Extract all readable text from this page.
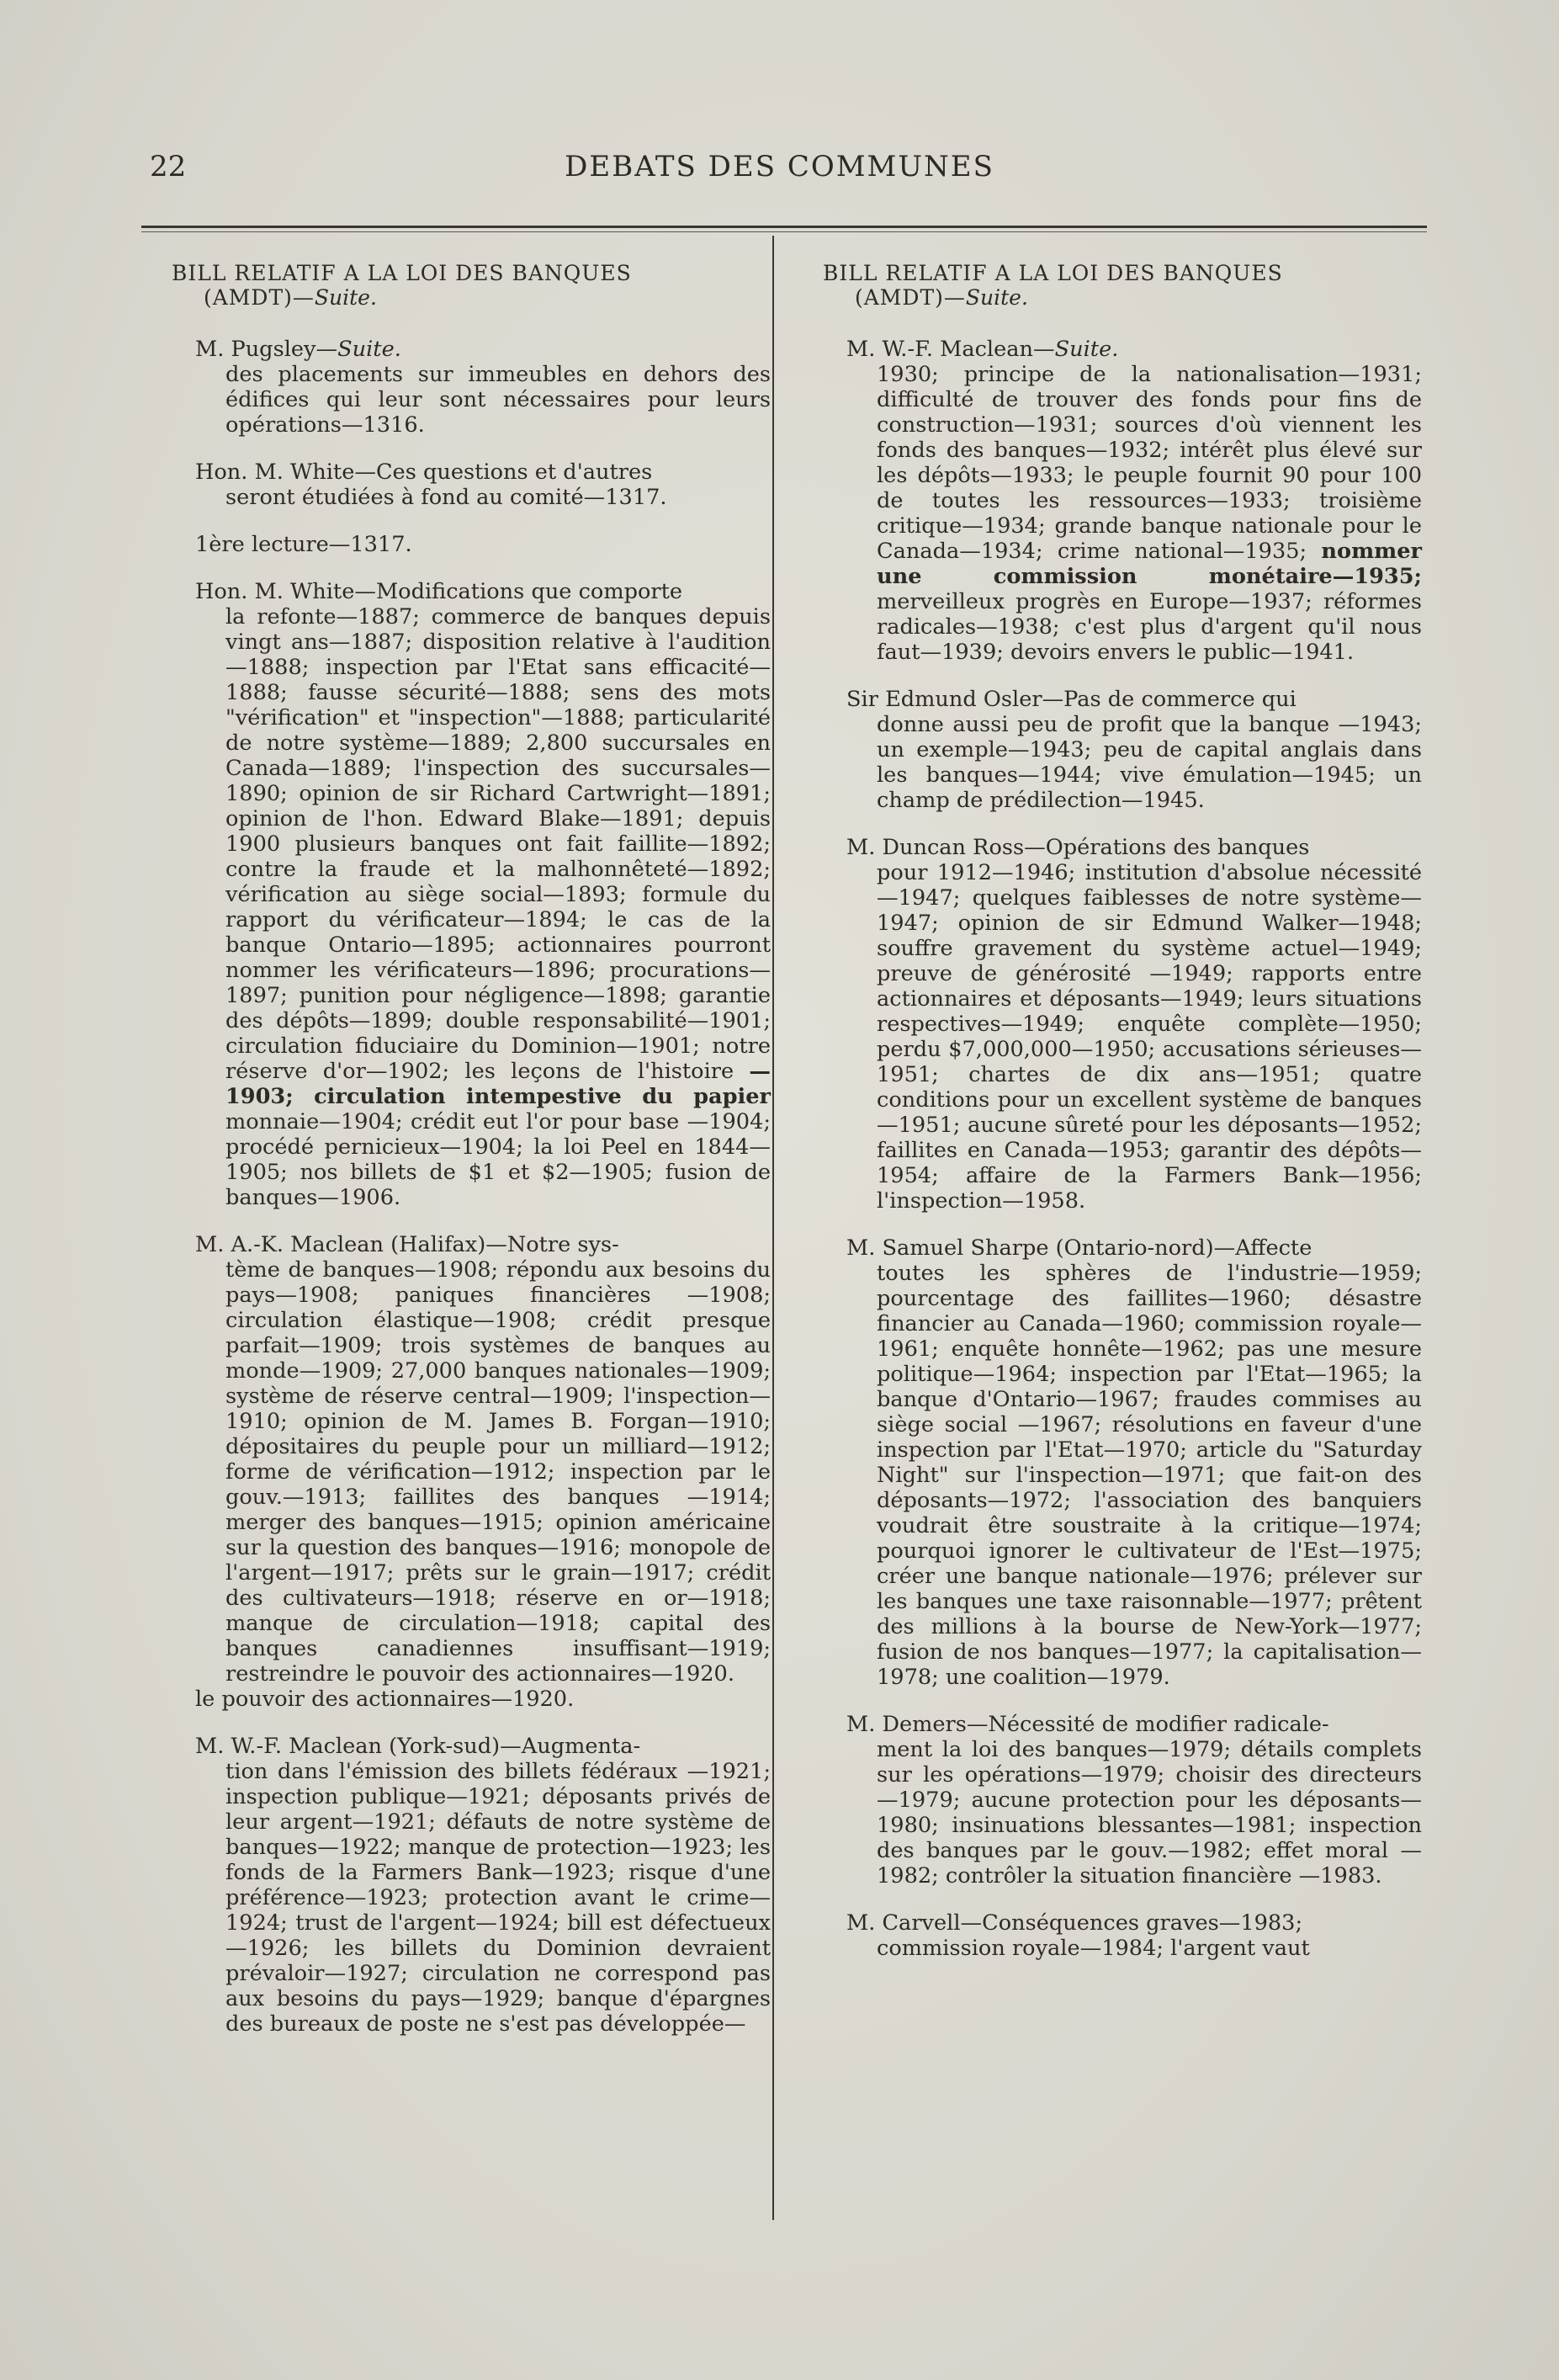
22	DEBATS DES COMMUNES
BILL RELATIF A LA LOI DES BANQUES
(AMDT)—Suite.
M. Pugsley—Suite.
des placements sur immeubles en dehors des édifices qui leur sont nécessaires pour leurs opérations—1316.
Hon. M. White—Ces questions et d'autres
seront étudiées à fond au comité—1317.
1ère lecture—1317.
Hon. M. White—Modifications que comporte
la refonte—1887; commerce de banques depuis vingt ans—1887; disposition relative à l'audition—1888; inspection par l'Etat sans efficacité—1888; fausse sécurité—1888; sens des mots "vérification" et "inspection"—1888; particularité de notre système—1889; 2,800 succursales en Canada—1889; l'inspection des succursales—1890; opinion de sir Richard Cartwright—1891; opinion de l'hon. Edward Blake—1891; depuis 1900 plusieurs banques ont fait faillite—1892; contre la fraude et la malhonnêteté—1892; vérification au siège social—1893; formule du rapport du vérificateur—1894; le cas de la banque Ontario—1895; actionnaires pourront nommer les vérificateurs—1896; procurations—1897; punition pour négligence—1898; garantie des dépôts—1899; double responsabilité—1901; circulation fiduciaire du Dominion—1901; notre réserve d'or—1902; les leçons de l'histoire —1903; circulation intempestive du papier monnaie—1904; crédit eut l'or pour base —1904; procédé pernicieux—1904; la loi Peel en 1844—1905; nos billets de $1 et $2—1905; fusion de banques—1906.
M. A.-K. Maclean (Halifax)—Notre sys-
tème de banques—1908; répondu aux besoins du pays—1908; paniques financières —1908; circulation élastique—1908; crédit presque parfait—1909; trois systèmes de banques au monde—1909; 27,000 banques nationales—1909; système de réserve central—1909; l'inspection—1910; opinion de M. James B. Forgan—1910; dépositaires du peuple pour un milliard—1912; forme de vérification—1912; inspection par le gouv.—1913; faillites des banques —1914; merger des banques—1915; opinion américaine sur la question des banques—1916; monopole de l'argent—1917; prêts sur le grain—1917; crédit des cultivateurs—1918; réserve en or—1918; manque de circulation—1918; capital des banques canadiennes insuffisant—1919; restreindre le pouvoir des actionnaires—1920.
le pouvoir des actionnaires—1920.
M. W.-F. Maclean (York-sud)—Augmenta-
tion dans l'émission des billets fédéraux —1921; inspection publique—1921; déposants privés de leur argent—1921; défauts de notre système de banques—1922; manque de protection—1923; les fonds de la Farmers Bank—1923; risque d'une préférence—1923; protection avant le crime—1924; trust de l'argent—1924; bill est défectueux—1926; les billets du Dominion devraient prévaloir—1927; circulation ne correspond pas aux besoins du pays—1929; banque d'épargnes des bureaux de poste ne s'est pas développée—
BILL RELATIF A LA LOI DES BANQUES
(AMDT)—Suite.
M. W.-F. Maclean—Suite.
1930; principe de la nationalisation—1931; difficulté de trouver des fonds pour fins de construction—1931; sources d'où viennent les fonds des banques—1932; intérêt plus élevé sur les dépôts—1933; le peuple fournit 90 pour 100 de toutes les ressources—1933; troisième critique—1934; grande banque nationale pour le Canada—1934; crime national—1935; nommer une commission monétaire—1935; merveilleux progrès en Europe—1937; réformes radicales—1938; c'est plus d'argent qu'il nous faut—1939; devoirs envers le public—1941.
Sir Edmund Osler—Pas de commerce qui
donne aussi peu de profit que la banque —1943; un exemple—1943; peu de capital anglais dans les banques—1944; vive émulation—1945; un champ de prédilection—1945.
M. Duncan Ross—Opérations des banques
pour 1912—1946; institution d'absolue nécessité—1947; quelques faiblesses de notre système—1947; opinion de sir Edmund Walker—1948; souffre gravement du système actuel—1949; preuve de générosité —1949; rapports entre actionnaires et déposants—1949; leurs situations respectives—1949; enquête complète—1950; perdu $7,000,000—1950; accusations sérieuses—1951; chartes de dix ans—1951; quatre conditions pour un excellent système de banques—1951; aucune sûreté pour les déposants—1952; faillites en Canada—1953; garantir des dépôts—1954; affaire de la Farmers Bank—1956; l'inspection—1958.
M. Samuel Sharpe (Ontario-nord)—Affecte
toutes les sphères de l'industrie—1959; pourcentage des faillites—1960; désastre financier au Canada—1960; commission royale—1961; enquête honnête—1962; pas une mesure politique—1964; inspection par l'Etat—1965; la banque d'Ontario—1967; fraudes commises au siège social —1967; résolutions en faveur d'une inspection par l'Etat—1970; article du "Saturday Night" sur l'inspection—1971; que fait-on des déposants—1972; l'association des banquiers voudrait être soustraite à la critique—1974; pourquoi ignorer le cultivateur de l'Est—1975; créer une banque nationale—1976; prélever sur les banques une taxe raisonnable—1977; prêtent des millions à la bourse de New-York—1977; fusion de nos banques—1977; la capitalisation—1978; une coalition—1979.
M. Demers—Nécessité de modifier radicale-
ment la loi des banques—1979; détails complets sur les opérations—1979; choisir des directeurs—1979; aucune protection pour les déposants—1980; insinuations blessantes—1981; inspection des banques par le gouv.—1982; effet moral —1982; contrôler la situation financière —1983.
M. Carvell—Conséquences graves—1983;
commission royale—1984; l'argent vaut
